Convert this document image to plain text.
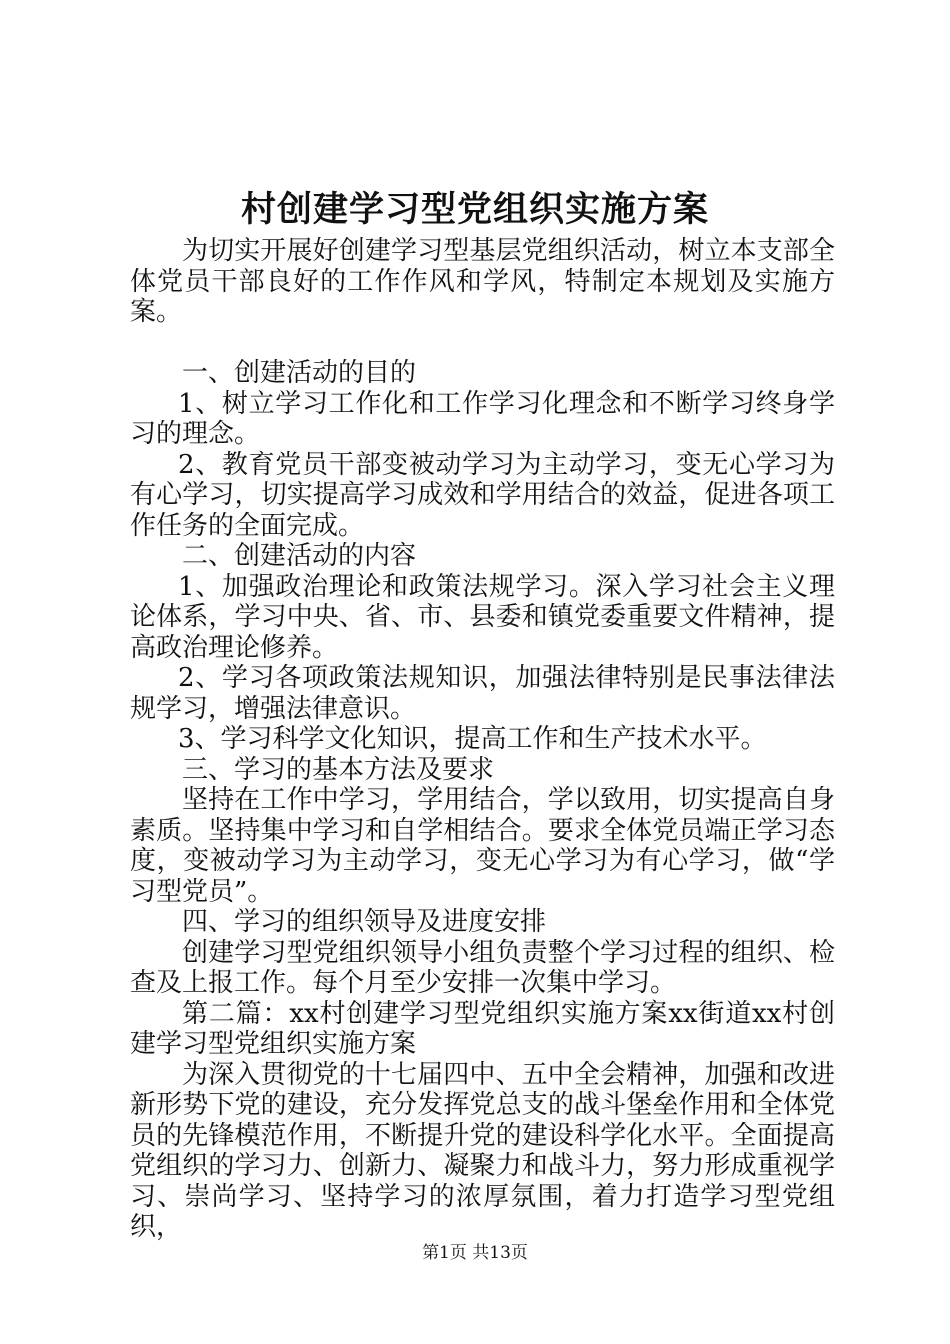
村创建学习型党组织实施方案

为切实开展好创建学习型基层党组织活动，树立本支部全体党员干部良好的工作作风和学风，特制定本规划及实施方案。

一、创建活动的目的

1、树立学习工作化和工作学习化理念和不断学习终身学习的理念。

2、教育党员干部变被动学习为主动学习，变无心学习为有心学习，切实提高学习成效和学用结合的效益，促进各项工作任务的全面完成。

二、创建活动的内容

1、加强政治理论和政策法规学习。深入学习社会主义理论体系，学习中央、省、市、县委和镇党委重要文件精神，提高政治理论修养。

2、学习各项政策法规知识，加强法律特别是民事法律法规学习，增强法律意识。

3、学习科学文化知识，提高工作和生产技术水平。

三、学习的基本方法及要求

坚持在工作中学习，学用结合，学以致用，切实提高自身素质。坚持集中学习和自学相结合。要求全体党员端正学习态度，变被动学习为主动学习，变无心学习为有心学习，做“学习型党员”。

四、学习的组织领导及进度安排

创建学习型党组织领导小组负责整个学习过程的组织、检查及上报工作。每个月至少安排一次集中学习。

第二篇：xx村创建学习型党组织实施方案xx街道xx村创建学习型党组织实施方案

为深入贯彻党的十七届四中、五中全会精神，加强和改进新形势下党的建设，充分发挥党总支的战斗堡垒作用和全体党员的先锋模范作用，不断提升党的建设科学化水平。全面提高党组织的学习力、创新力、凝聚力和战斗力，努力形成重视学习、崇尚学习、坚持学习的浓厚氛围，着力打造学习型党组织，

第1页 共13页
